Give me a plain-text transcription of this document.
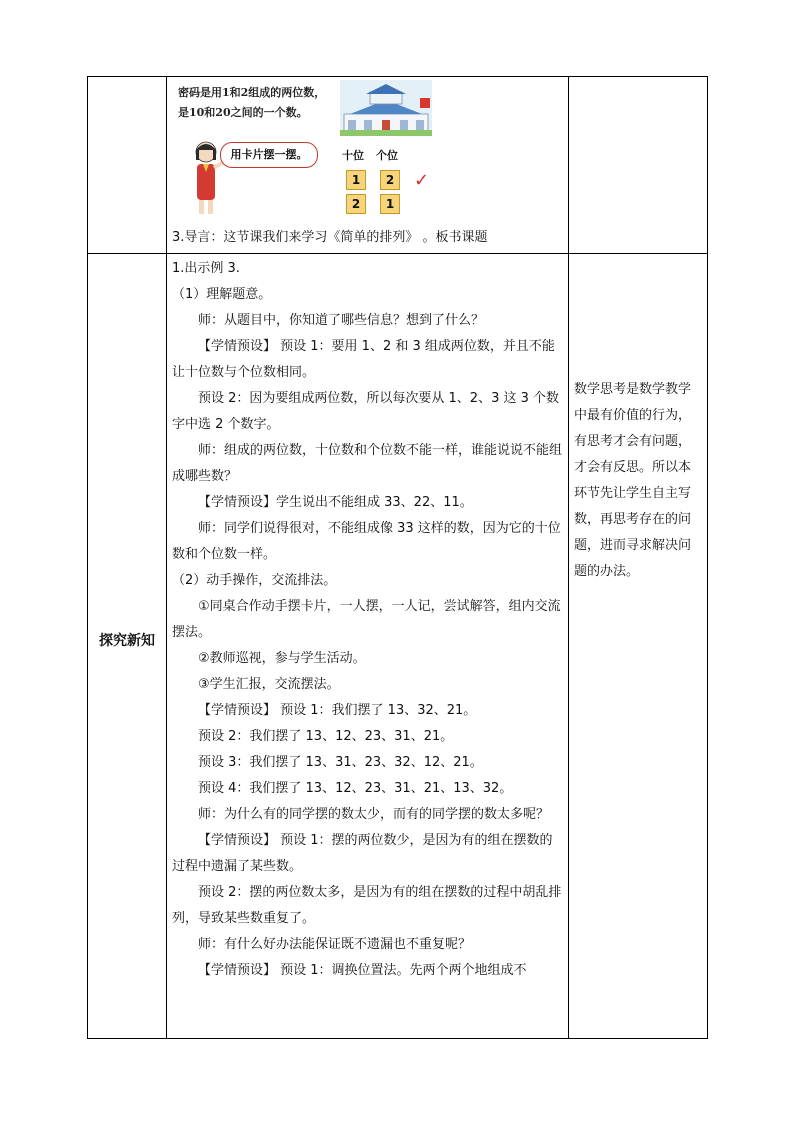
密码是用1和2组成的两位数，
是10和20之间的一个数。
用卡片摆一摆。	十位 个位
1	2	✓
2	1
3.导言：这节课我们来学习《简单的排列》 。板书课题
探究新知

1.出示例 3.

（1）理解题意。

师：从题目中，你知道了哪些信息？想到了什么？

【学情预设】 预设 1：要用 1、2 和 3 组成两位数，并且不能让十位数与个位数相同。

预设 2：因为要组成两位数，所以每次要从 1、2、3 这 3 个数字中选 2 个数字。

师：组成的两位数，十位数和个位数不能一样，谁能说说不能组成哪些数？

【学情预设】学生说出不能组成 33、22、11。

师：同学们说得很对，不能组成像 33 这样的数，因为它的十位数和个位数一样。

（2）动手操作，交流排法。

①同桌合作动手摆卡片，一人摆，一人记，尝试解答，组内交流摆法。

②教师巡视，参与学生活动。

③学生汇报，交流摆法。

【学情预设】 预设 1：我们摆了 13、32、21。

预设 2：我们摆了 13、12、23、31、21。

预设 3：我们摆了 13、31、23、32、12、21。

预设 4：我们摆了 13、12、23、31、21、13、32。

师：为什么有的同学摆的数太少，而有的同学摆的数太多呢？

【学情预设】 预设 1：摆的两位数少，是因为有的组在摆数的过程中遗漏了某些数。

预设 2：摆的两位数太多，是因为有的组在摆数的过程中胡乱排列，导致某些数重复了。

师：有什么好办法能保证既不遗漏也不重复呢？

【学情预设】 预设 1：调换位置法。先两个两个地组成不

数学思考是数学教学中最有价值的行为，有思考才会有问题，才会有反思。所以本环节先让学生自主写数，再思考存在的问题，进而寻求解决问题的办法。
